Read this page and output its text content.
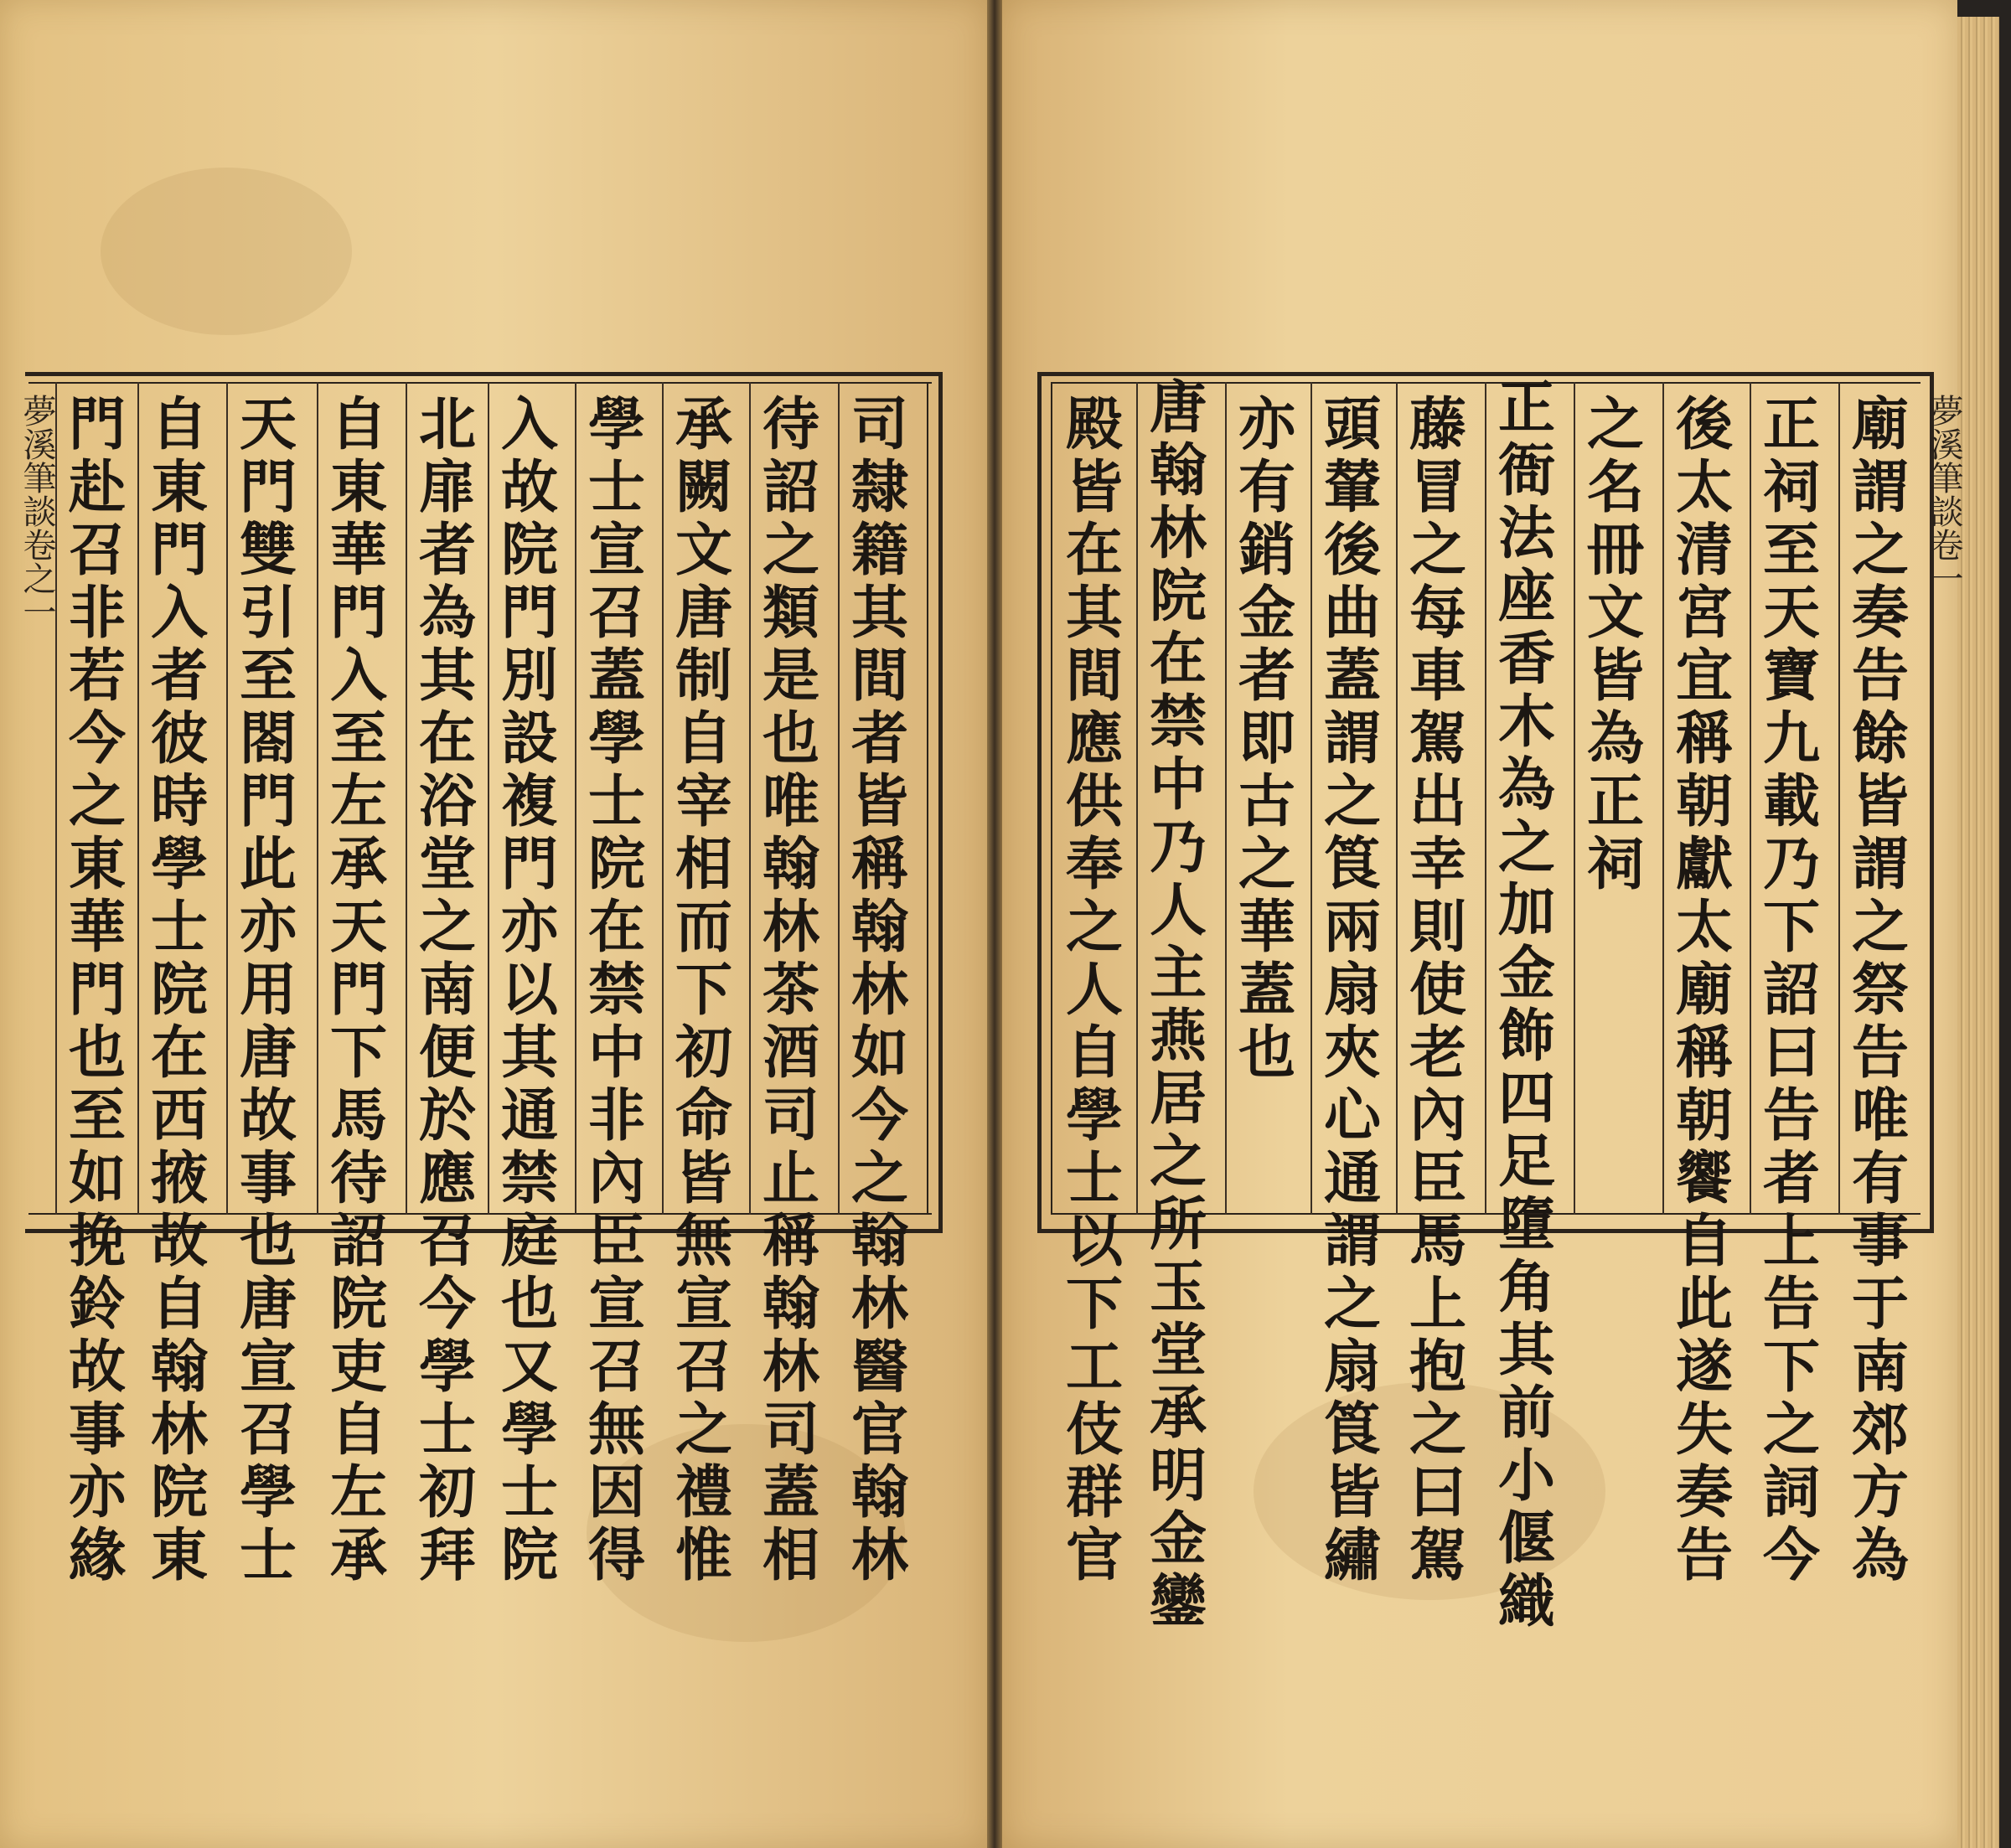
夢溪筆談卷之一	夢溪筆談卷一
司
隸
籍
其
間
者
皆
稱
翰
林
如
今
之
翰
林
醫
官
翰
林
待
詔
之
類
是
也
唯
翰
林
茶
酒
司
止
稱
翰
林
司
蓋
相
承
闕
文
唐
制
自
宰
相
而
下
初
命
皆
無
宣
召
之
禮
惟
學
士
宣
召
蓋
學
士
院
在
禁
中
非
內
臣
宣
召
無
因
得
入
故
院
門
別
設
複
門
亦
以
其
通
禁
庭
也
又
學
士
院
北
扉
者
為
其
在
浴
堂
之
南
便
於
應
召
今
學
士
初
拜
自
東
華
門
入
至
左
承
天
門
下
馬
待
詔
院
吏
自
左
承
天
門
雙
引
至
閤
門
此
亦
用
唐
故
事
也
唐
宣
召
學
士
自
東
門
入
者
彼
時
學
士
院
在
西
掖
故
自
翰
林
院
東
門
赴
召
非
若
今
之
東
華
門
也
至
如
挽
鈴
故
事
亦
緣
廟
謂
之
奏
告
餘
皆
謂
之
祭
告
唯
有
事
于
南
郊
方
為
正
祠
至
天
寶
九
載
乃
下
詔
曰
告
者
上
告
下
之
詞
今
後
太
清
宮
宜
稱
朝
獻
太
廟
稱
朝
饗
自
此
遂
失
奏
告
之
名
冊
文
皆
為
正
祠
正
衙
法
座
香
木
為
之
加
金
飾
四
足
墮
角
其
前
小
偃
織
藤
冒
之
每
車
駕
出
幸
則
使
老
內
臣
馬
上
抱
之
曰
駕
頭
輦
後
曲
蓋
謂
之
筤
兩
扇
夾
心
通
謂
之
扇
筤
皆
繡
亦
有
銷
金
者
即
古
之
華
蓋
也
唐
翰
林
院
在
禁
中
乃
人
主
燕
居
之
所
玉
堂
承
明
金
鑾
殿
皆
在
其
間
應
供
奉
之
人
自
學
士
以
下
工
伎
群
官
